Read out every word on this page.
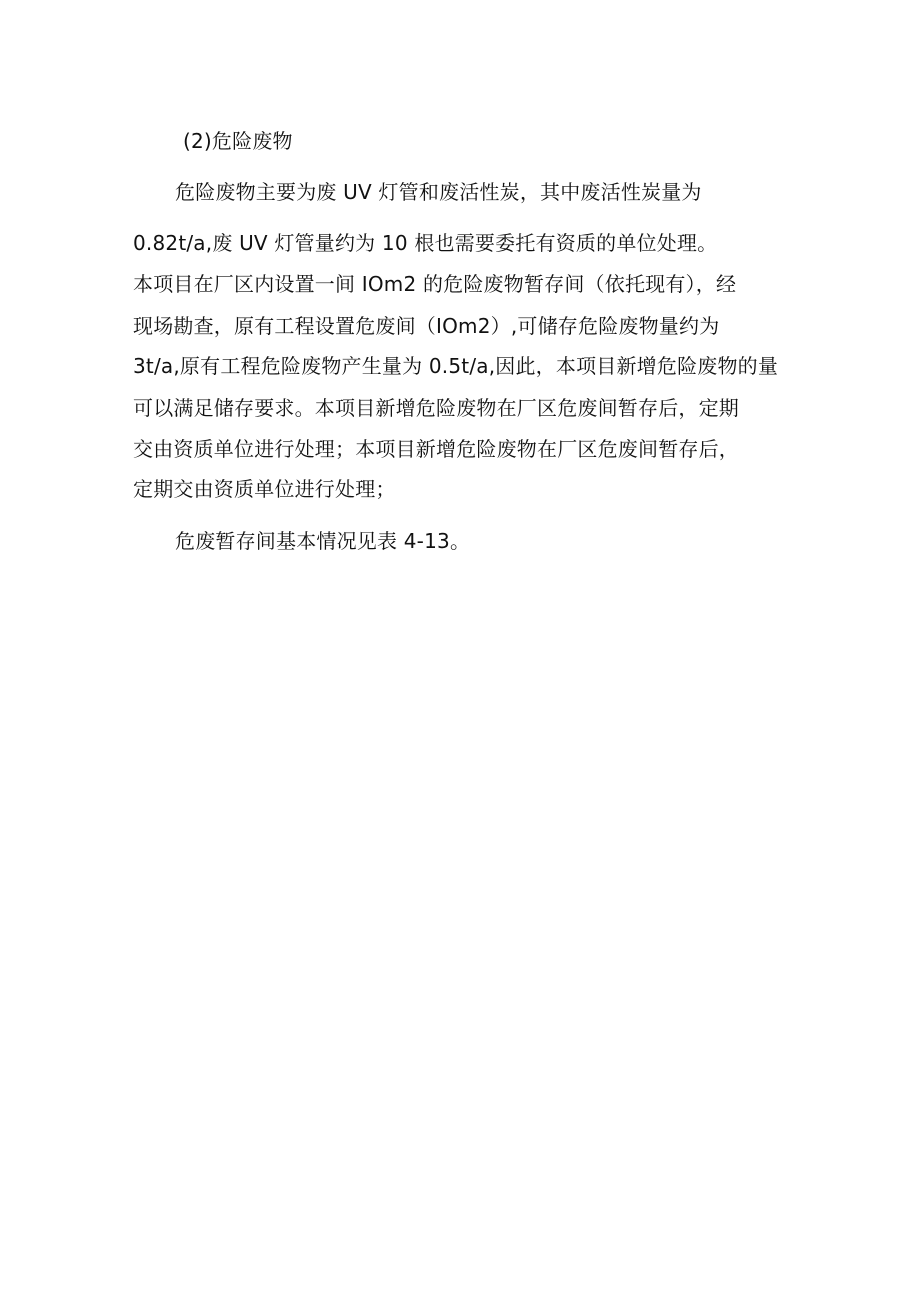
(2)危险废物

危险废物主要为废 UV 灯管和废活性炭，其中废活性炭量为

0.82t/a,废 UV 灯管量约为 10 根也需要委托有资质的单位处理。

本项目在厂区内设置一间 IOm2 的危险废物暂存间（依托现有），经

现场勘查，原有工程设置危废间（IOm2）,可储存危险废物量约为

3t/a,原有工程危险废物产生量为 0.5t/a,因此，本项目新增危险废物的量

可以满足储存要求。本项目新增危险废物在厂区危废间暂存后，定期

交由资质单位进行处理；本项目新增危险废物在厂区危废间暂存后，

定期交由资质单位进行处理；

危废暂存间基本情况见表 4-13。
